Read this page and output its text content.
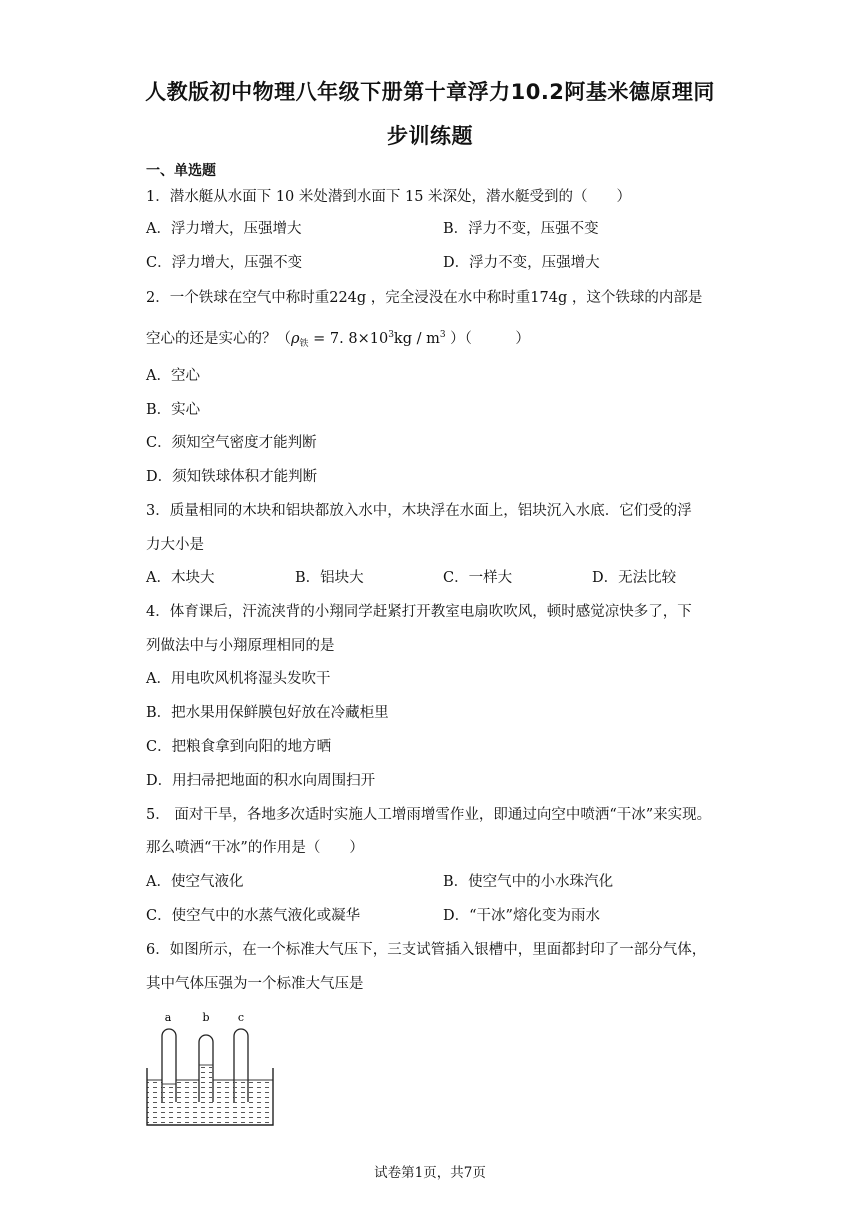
人教版初中物理八年级下册第十章浮力10.2阿基米德原理同
步训练题
一、单选题
1．潜水艇从水面下 10 米处潜到水面下 15 米深处，潜水艇受到的（　　）
A．浮力增大，压强增大	B．浮力不变，压强不变
C．浮力增大，压强不变	D．浮力不变，压强增大
2．一个铁球在空气中称时重224g ，完全浸没在水中称时重174g ，这个铁球的内部是
空心的还是实心的？（$\rho_铁 = 7$. $8\times 10^3kg / m^3$ ）（　　　）
A．空心
B．实心
C．须知空气密度才能判断
D．须知铁球体积才能判断
3．质量相同的木块和铝块都放入水中，木块浮在水面上，铝块沉入水底．它们受的浮
力大小是
A．木块大	B．铝块大	C．一样大	D．无法比较
4．体育课后，汗流浃背的小翔同学赶紧打开教室电扇吹吹风，顿时感觉凉快多了，下
列做法中与小翔原理相同的是
A．用电吹风机将湿头发吹干
B．把水果用保鲜膜包好放在冷藏柜里
C．把粮食拿到向阳的地方晒
D．用扫帚把地面的积水向周围扫开
5． 面对干旱，各地多次适时实施人工增雨增雪作业，即通过向空中喷洒“干冰”来实现。
那么喷洒“干冰”的作用是（　　）
A．使空气液化	B．使空气中的小水珠汽化
C．使空气中的水蒸气液化或凝华	D．“干冰”熔化变为雨水
6．如图所示，在一个标准大气压下，三支试管插入银槽中，里面都封印了一部分气体，
其中气体压强为一个标准大气压是
a	b	c
试卷第1页，共7页
